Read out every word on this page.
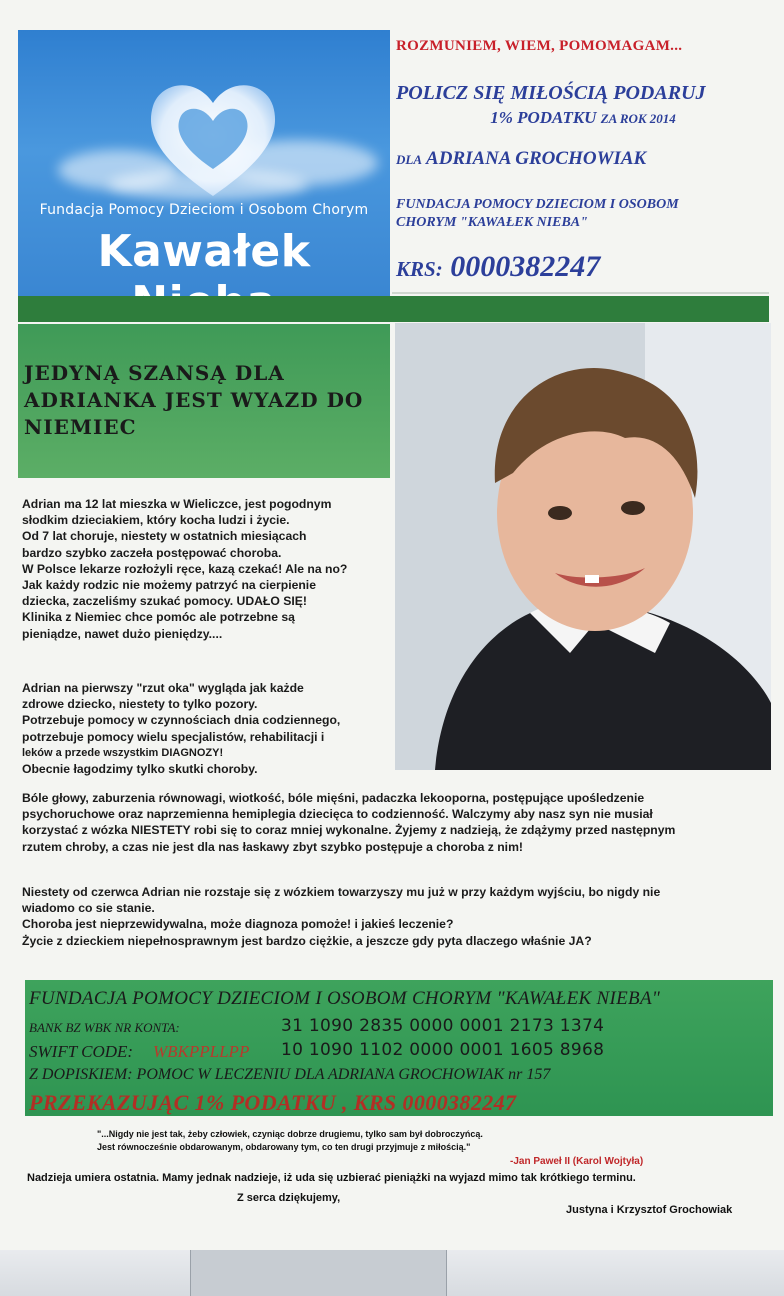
Fundacja Pomocy Dzieciom i Osobom Chorym
Kawałek
ROZMUNIEM, WIEM, POMOMAGAM...
POLICZ SIĘ MIŁOŚCIĄ PODARUJ
1% PODATKU ZA ROK 2014
DLA ADRIANA GROCHOWIAK
FUNDACJA POMOCY DZIECIOM I OSOBOM
CHORYM "KAWAŁEK NIEBA"
KRS: 0000382247
JEDYNĄ SZANSĄ DLA
ADRIANKA JEST WYAZD DO
NIEMIEC
Adrian ma 12 lat mieszka w Wieliczce, jest pogodnym
słodkim dzieciakiem, który kocha ludzi i życie.
Od 7 lat choruje, niestety w ostatnich miesiącach
bardzo szybko zaczeła postępować choroba.
W Polsce lekarze rozłożyli ręce, kazą czekać! Ale na no?
Jak każdy rodzic nie możemy patrzyć na cierpienie
dziecka, zaczeliśmy szukać pomocy. UDAŁO SIĘ!
Klinika z Niemiec chce pomóc ale potrzebne są
pieniądze, nawet dużo pieniędzy....
Adrian na pierwszy "rzut oka" wygląda jak każde
zdrowe dziecko, niestety to tylko pozory.
Potrzebuje pomocy w czynnościach dnia codziennego,
potrzebuje pomocy wielu specjalistów, rehabilitacji i
leków a przede wszystkim DIAGNOZY!
Obecnie łagodzimy tylko skutki choroby.
Bóle głowy, zaburzenia równowagi, wiotkość, bóle mięśni, padaczka lekooporna, postępujące upośledzenie
psychoruchowe oraz naprzemienna hemiplegia dziecięca to codzienność. Walczymy aby nasz syn nie musiał
korzystać z wózka NIESTETY robi się to coraz mniej wykonalne. Żyjemy z nadzieją, że zdążymy przed następnym
rzutem chroby, a czas nie jest dla nas łaskawy zbyt szybko postępuje a choroba z nim!
Niestety od czerwca Adrian nie rozstaje się z wózkiem towarzyszy mu już w przy każdym wyjściu, bo nigdy nie
wiadomo co sie stanie.
Choroba jest nieprzewidywalna, może diagnoza pomoże! i jakieś leczenie?
Życie z dzieckiem niepełnosprawnym jest bardzo ciężkie, a jeszcze gdy pyta dlaczego właśnie JA?
FUNDACJA POMOCY DZIECIOM I OSOBOM CHORYM "KAWAŁEK NIEBA"
BANK BZ WBK NR KONTA:	31 1090 2835 0000 0001 2173 1374
SWIFT CODE: WBKPPLLPP 10 1090 1102 0000 0001 1605 8968
Z DOPISKIEM: POMOC W LECZENIU DLA ADRIANA GROCHOWIAK nr 157
PRZEKAZUJĄC 1% PODATKU , KRS 0000382247
"...Nigdy nie jest tak, żeby człowiek, czyniąc dobrze drugiemu, tylko sam był dobroczyńcą.
Jest równocześnie obdarowanym, obdarowany tym, co ten drugi przyjmuje z miłością."
-Jan Paweł II (Karol Wojtyła)
Nadzieja umiera ostatnia. Mamy jednak nadzieje, iż uda się uzbierać pieniążki na wyjazd mimo tak krótkiego terminu.
Z serca dziękujemy,
Justyna i Krzysztof Grochowiak
